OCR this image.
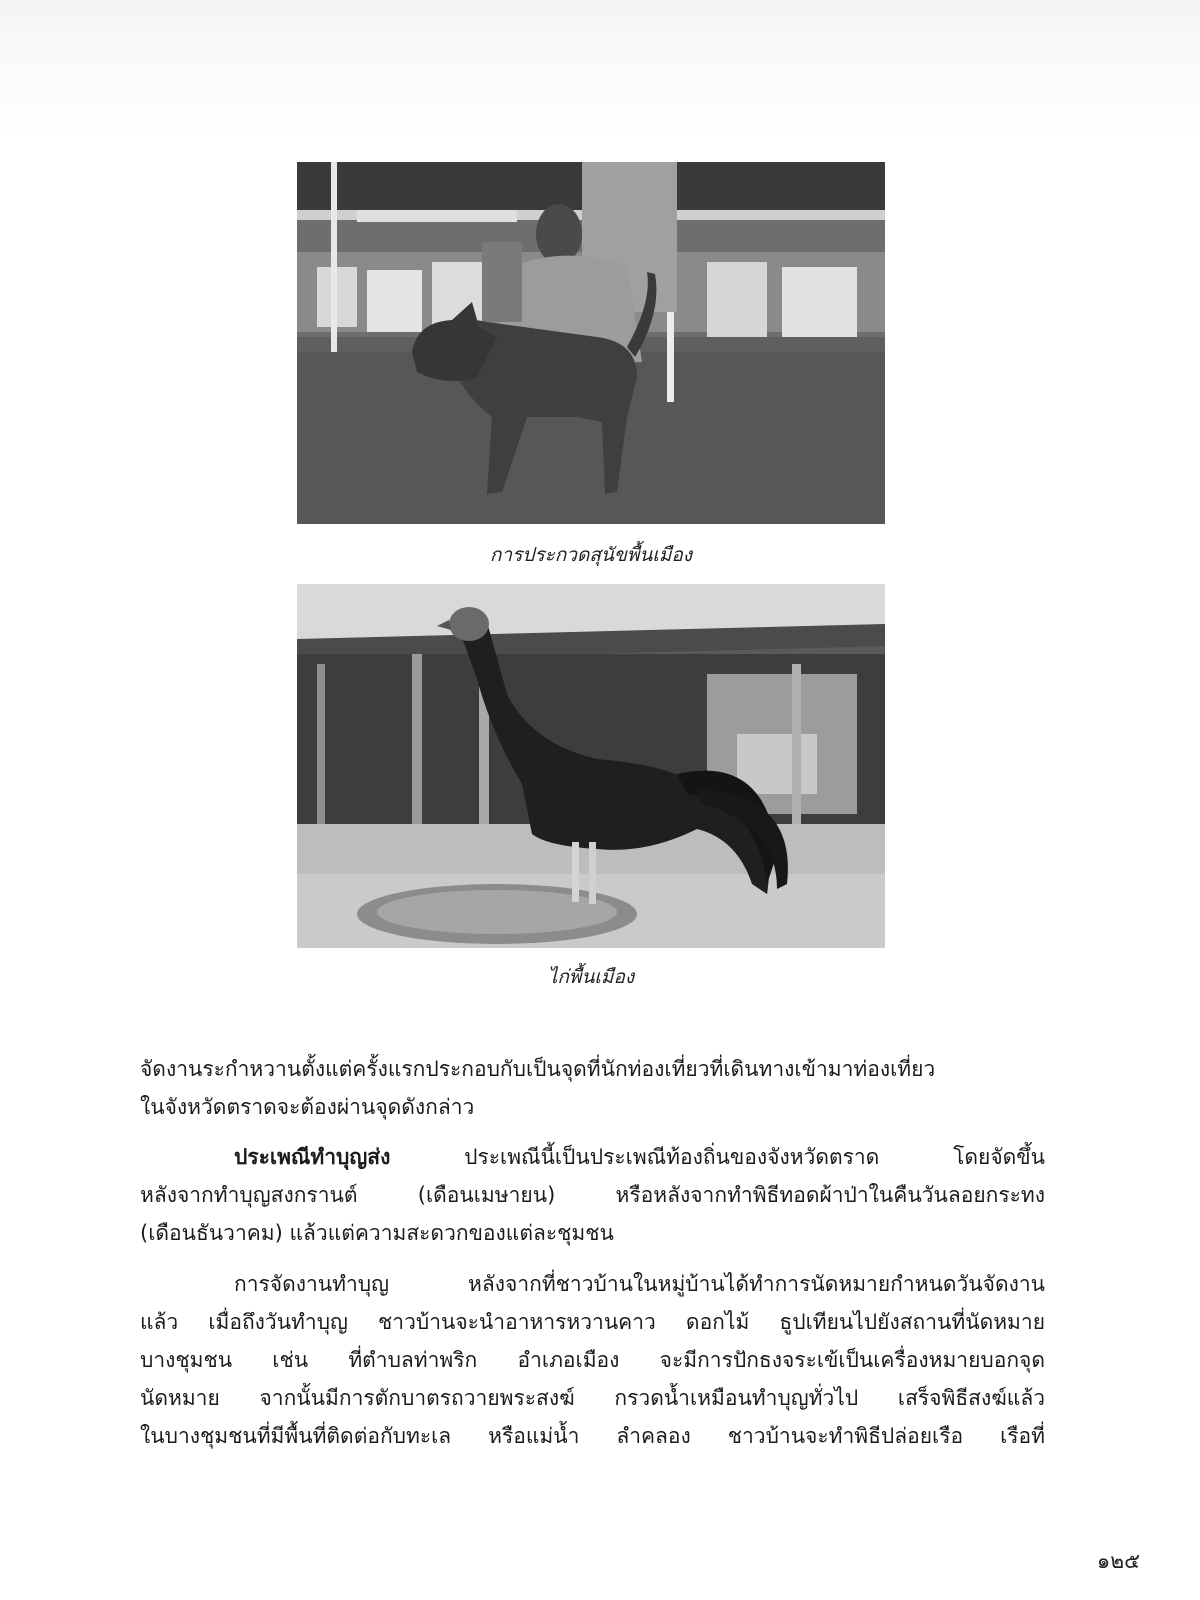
การประกวดสุนัขพื้นเมือง
ไก่พื้นเมือง
จัดงานระกำหวานตั้งแต่ครั้งแรกประกอบกับเป็นจุดที่นักท่องเที่ยวที่เดินทางเข้ามาท่องเที่ยว
ในจังหวัดตราดจะต้องผ่านจุดดังกล่าว
ประเพณีทำบุญส่ง ประเพณีนี้เป็นประเพณีท้องถิ่นของจังหวัดตราด โดยจัดขึ้น
หลังจากทำบุญสงกรานต์ (เดือนเมษายน) หรือหลังจากทำพิธีทอดผ้าป่าในคืนวันลอยกระทง
(เดือนธันวาคม) แล้วแต่ความสะดวกของแต่ละชุมชน
การจัดงานทำบุญ หลังจากที่ชาวบ้านในหมู่บ้านได้ทำการนัดหมายกำหนดวันจัดงาน
แล้ว เมื่อถึงวันทำบุญ ชาวบ้านจะนำอาหารหวานคาว ดอกไม้ ธูปเทียนไปยังสถานที่นัดหมาย
บางชุมชน เช่น ที่ตำบลท่าพริก อำเภอเมือง จะมีการปักธงจระเข้เป็นเครื่องหมายบอกจุด
นัดหมาย จากนั้นมีการตักบาตรถวายพระสงฆ์ กรวดน้ำเหมือนทำบุญทั่วไป เสร็จพิธีสงฆ์แล้ว
ในบางชุมชนที่มีพื้นที่ติดต่อกับทะเล หรือแม่น้ำ ลำคลอง ชาวบ้านจะทำพิธีปล่อยเรือ เรือที่
๑๒๕
